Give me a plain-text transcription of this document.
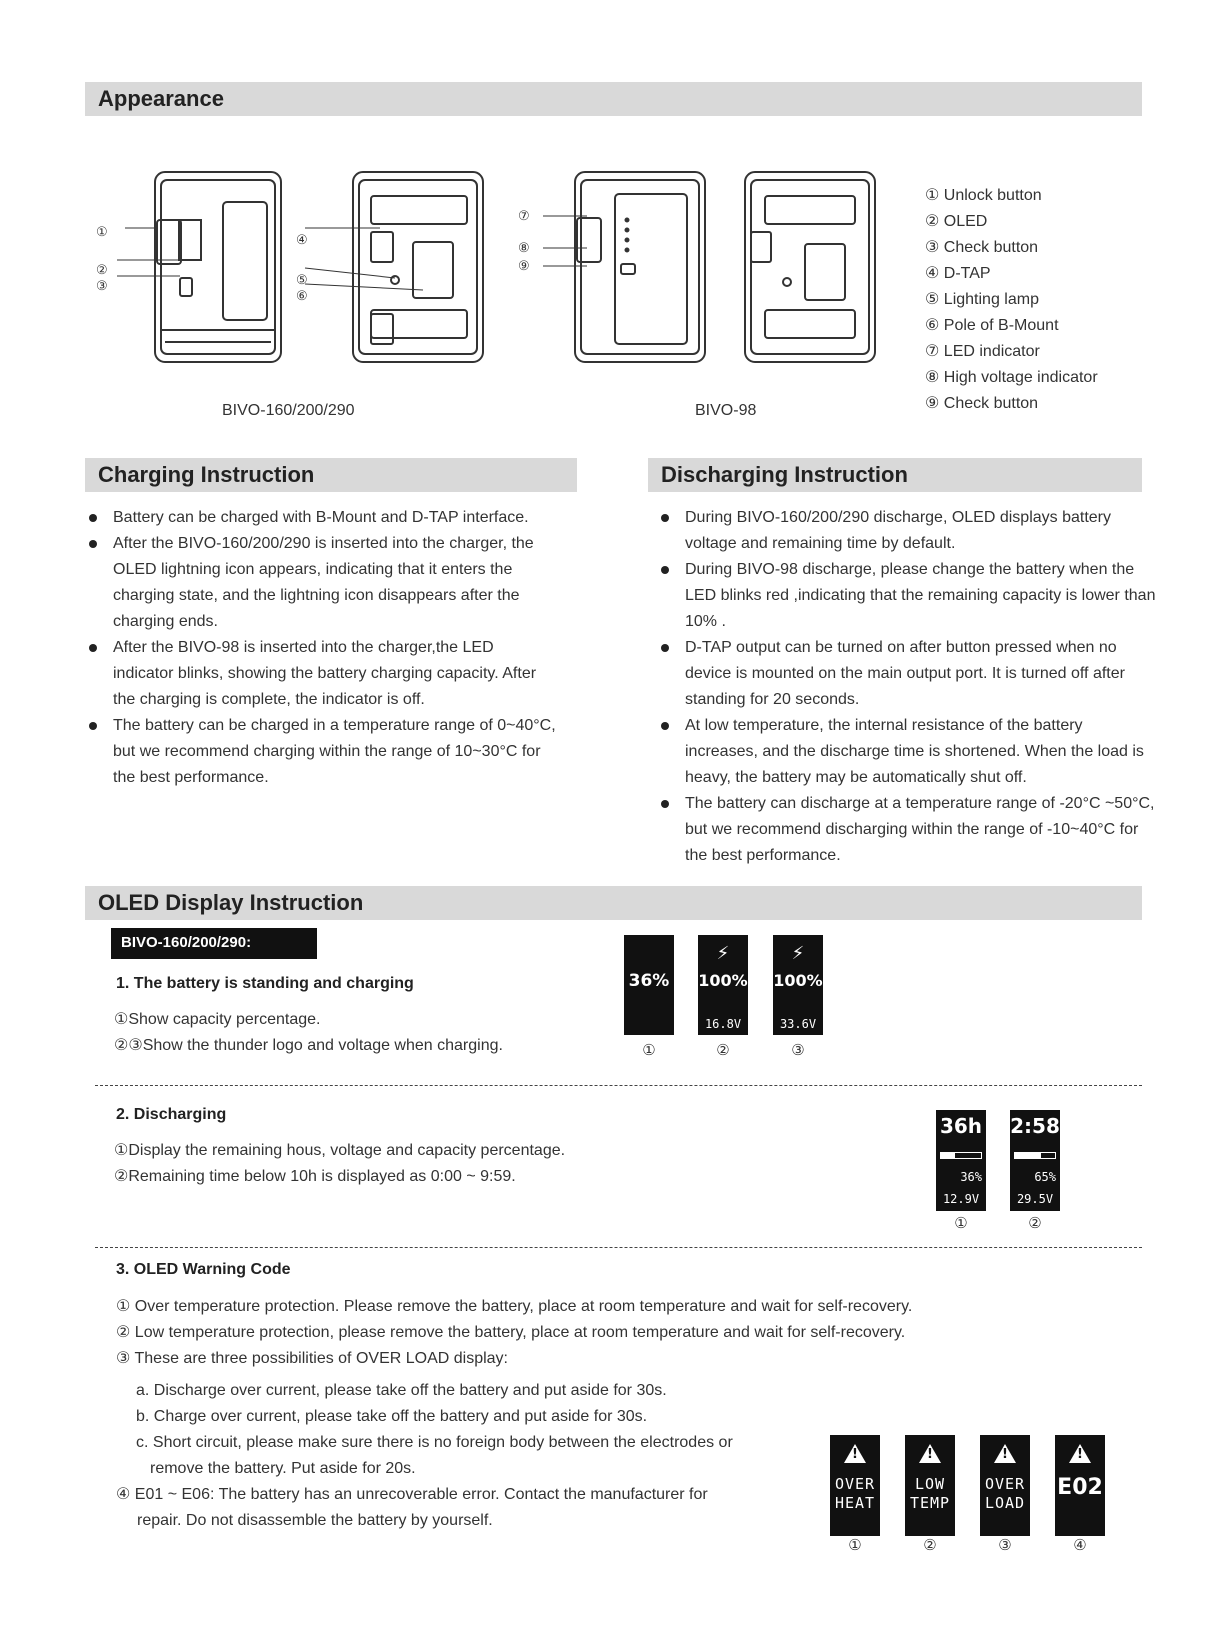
Appearance
①
②
③
④
⑤
⑥
⑦
⑧
⑨
BIVO-160/200/290	BIVO-98
① Unlock button
② OLED
③ Check button
④ D-TAP
⑤ Lighting lamp
⑥ Pole of B-Mount
⑦ LED indicator
⑧ High voltage indicator
⑨ Check button
Charging Instruction	Discharging Instruction
Battery can be charged with B-Mount and D-TAP interface.
After the BIVO-160/200/290 is inserted into the charger, the OLED lightning icon appears, indicating that it enters the charging state, and the lightning icon disappears after the charging ends.
After the BIVO-98 is inserted into the charger,the LED indicator blinks, showing the battery charging capacity. After the charging is complete, the indicator is off.
The battery can be charged in a temperature range of 0~40°C, but we recommend charging within the range of 10~30°C for the best performance.
During BIVO-160/200/290 discharge, OLED displays battery voltage and remaining time by default.
During BIVO-98 discharge, please change the battery when the LED blinks red ,indicating that the remaining capacity is lower than 10% .
D-TAP output can be turned on after button pressed when no device is mounted on the main output port. It is turned off after standing for 20 seconds.
At low temperature, the internal resistance of the battery increases, and the discharge time is shortened. When the load is heavy, the battery may be automatically shut off.
The battery can discharge at a temperature range of -20°C ~50°C, but we recommend discharging within the range of -10~40°C for the best performance.
OLED Display Instruction
BIVO-160/200/290:
1. The battery is standing and charging
①Show capacity percentage.
②③Show the thunder logo and voltage when charging.
36%
⚡
100%
16.8V
⚡
100%
33.6V
①	②	③
2. Discharging
①Display the remaining hous, voltage and capacity percentage.
②Remaining time below 10h is displayed as 0:00 ~ 9:59.
36h
36%
12.9V
2:58
65%
29.5V
①	②
3. OLED Warning Code
① Over temperature protection. Please remove the battery, place at room temperature and wait for self-recovery.
② Low temperature protection, please remove the battery, place at room temperature and wait for self-recovery.
③ These are three possibilities of OVER LOAD display:
a. Discharge over current, please take off the battery and put aside for 30s.
b. Charge over current, please take off the battery and put aside for 30s.
c. Short circuit, please make sure there is no foreign body between the electrodes or
remove the battery. Put aside for 20s.
④ E01 ~ E06: The battery has an unrecoverable error. Contact the manufacturer for
repair. Do not disassemble the battery by yourself.
!
OVER
HEAT
!
LOW
TEMP
!
OVER
LOAD
!
E02
①	②	③	④
